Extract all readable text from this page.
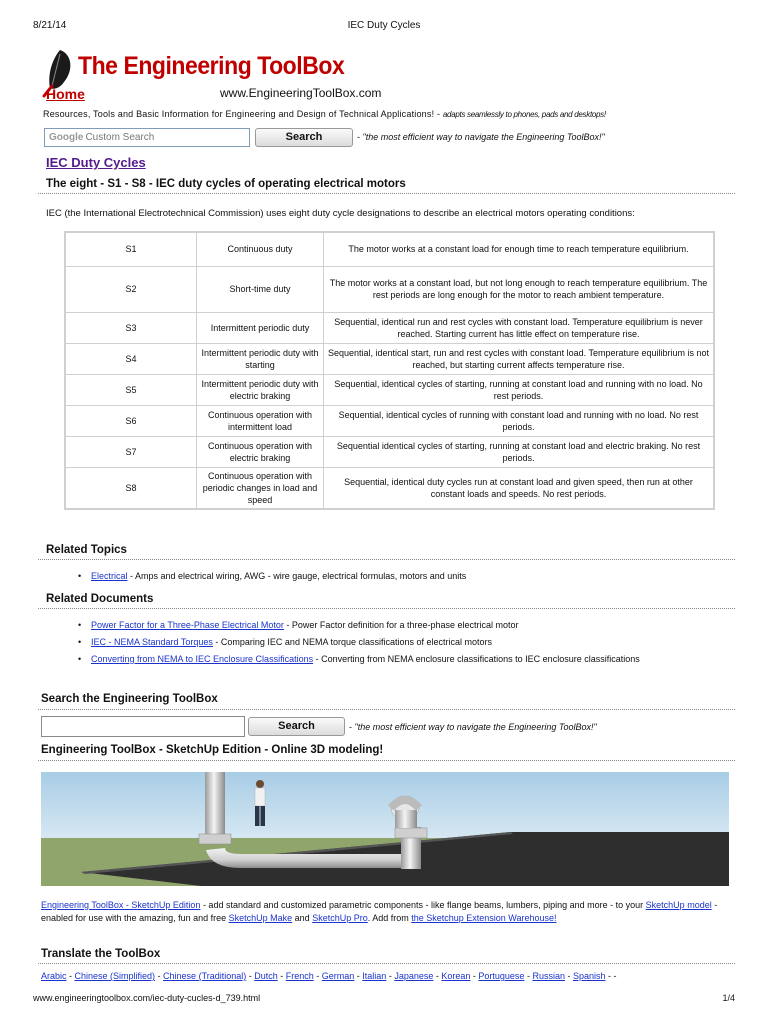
8/21/14	IEC Duty Cycles
The Engineering ToolBox
Home	www.EngineeringToolBox.com
Resources, Tools and Basic Information for Engineering and Design of Technical Applications! - adapts seamlessly to phones, pads and desktops!
Google Custom Search	Search	- "the most efficient way to navigate the Engineering ToolBox!"
IEC Duty Cycles
The eight - S1 - S8 - IEC duty cycles of operating electrical motors
IEC (the International Electrotechnical Commission) uses eight duty cycle designations to describe an electrical motors operating conditions:
S1	Continuous duty	The motor works at a constant load for enough time to reach temperature equilibrium.
S2	Short-time duty	The motor works at a constant load, but not long enough to reach temperature equilibrium. The rest periods are long enough for the motor to reach ambient temperature.
S3	Intermittent periodic duty	Sequential, identical run and rest cycles with constant load. Temperature equilibrium is never reached. Starting current has little effect on temperature rise.
S4	Intermittent periodic duty with starting	Sequential, identical start, run and rest cycles with constant load. Temperature equilibrium is not reached, but starting current affects temperature rise.
S5	Intermittent periodic duty with electric braking	Sequential, identical cycles of starting, running at constant load and running with no load. No rest periods.
S6	Continuous operation with intermittent load	Sequential, identical cycles of running with constant load and running with no load. No rest periods.
S7	Continuous operation with electric braking	Sequential identical cycles of starting, running at constant load and electric braking. No rest periods.
S8	Continuous operation with periodic changes in load and speed	Sequential, identical duty cycles run at constant load and given speed, then run at other constant loads and speeds. No rest periods.
Related Topics
• Electrical - Amps and electrical wiring, AWG - wire gauge, electrical formulas, motors and units
Related Documents
• Power Factor for a Three-Phase Electrical Motor - Power Factor definition for a three-phase electrical motor
• IEC - NEMA Standard Torques - Comparing IEC and NEMA torque classifications of electrical motors
• Converting from NEMA to IEC Enclosure Classifications - Converting from NEMA enclosure classifications to IEC enclosure classifications
Search the Engineering ToolBox
Search	- "the most efficient way to navigate the Engineering ToolBox!"
Engineering ToolBox - SketchUp Edition - Online 3D modeling!
Engineering ToolBox - SketchUp Edition - add standard and customized parametric components - like flange beams, lumbers, piping and more - to your SketchUp model - enabled for use with the amazing, fun and free SketchUp Make and SketchUp Pro. Add from the Sketchup Extension Warehouse!
Translate the ToolBox
Arabic - Chinese (Simplified) - Chinese (Traditional) - Dutch - French - German - Italian - Japanese - Korean - Portuguese - Russian - Spanish - -
www.engineeringtoolbox.com/iec-duty-cucles-d_739.html	1/4
